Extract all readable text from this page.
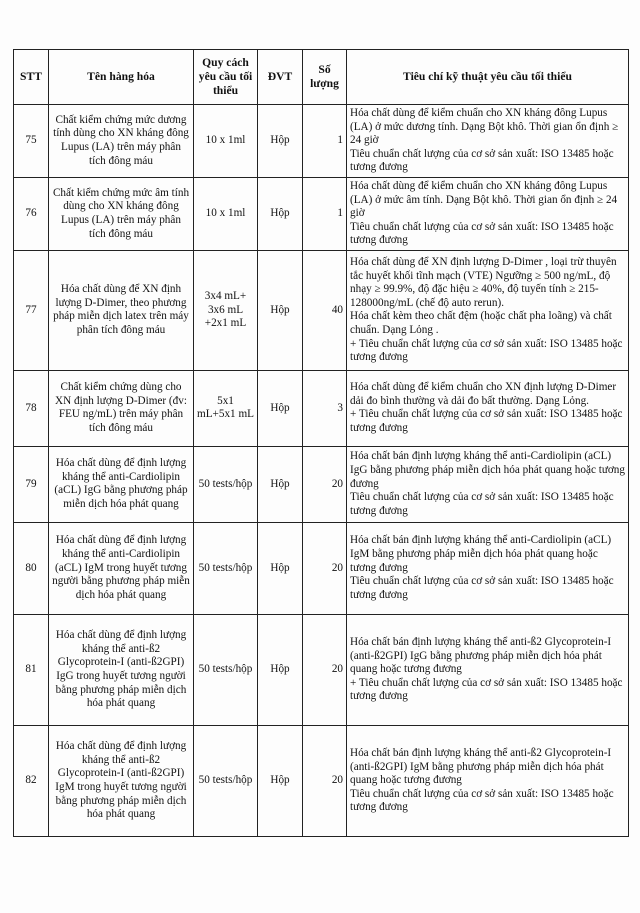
STT	Tên hàng hóa	Quy cách yêu cầu tối thiểu	ĐVT	Số lượng	Tiêu chí kỹ thuật yêu cầu tối thiểu
75	Chất kiểm chứng mức dương tính dùng cho XN kháng đông Lupus (LA) trên máy phân tích đông máu	10 x 1ml	Hộp	1	Hóa chất dùng để kiểm chuẩn cho XN kháng đông Lupus (LA) ở mức dương tính. Dạng Bột khô. Thời gian ổn định ≥ 24 giờ
Tiêu chuẩn chất lượng của cơ sở sản xuất: ISO 13485 hoặc tương đương

76	Chất kiểm chứng mức âm tính dùng cho XN kháng đông Lupus (LA) trên máy phân tích đông máu	10 x 1ml	Hộp	1	Hóa chất dùng để kiểm chuẩn cho XN kháng đông Lupus (LA) ở mức âm tính. Dạng Bột khô. Thời gian ổn định ≥ 24 giờ
Tiêu chuẩn chất lượng của cơ sở sản xuất: ISO 13485 hoặc tương đương

77	Hóa chất dùng để XN định lượng D-Dimer, theo phương pháp miễn dịch latex trên máy phân tích đông máu	3x4 mL+ 3x6 mL +2x1 mL	Hộp	40	Hóa chất dùng để XN định lượng D-Dimer , loại trừ thuyên tắc huyết khối tĩnh mạch (VTE) Ngưỡng ≥ 500 ng/mL, độ nhạy ≥ 99.9%, độ đặc hiệu ≥ 40%, độ tuyến tính ≥ 215-128000ng/mL (chế độ auto rerun).
Hóa chất kèm theo chất đệm (hoặc chất pha loãng) và chất chuẩn. Dạng Lỏng .
+ Tiêu chuẩn chất lượng của cơ sở sản xuất: ISO 13485 hoặc tương đương

78	Chất kiểm chứng dùng cho XN định lượng D-Dimer (đv: FEU ng/mL) trên máy phân tích đông máu	5x1 mL+5x1 mL	Hộp	3	Hóa chất dùng để kiểm chuẩn cho XN định lượng D-Dimer dải đo bình thường và dải đo bất thường. Dạng Lỏng.
+ Tiêu chuẩn chất lượng của cơ sở sản xuất: ISO 13485 hoặc tương đương

79	Hóa chất dùng để định lượng kháng thể anti-Cardiolipin (aCL) IgG bằng phương pháp miễn dịch hóa phát quang	50 tests/hộp	Hộp	20	Hóa chất bán định lượng kháng thể anti-Cardiolipin (aCL) IgG bằng phương pháp miễn dịch hóa phát quang hoặc tương đương
Tiêu chuẩn chất lượng của cơ sở sản xuất: ISO 13485 hoặc tương đương

80	Hóa chất dùng để định lượng kháng thể anti-Cardiolipin (aCL) IgM trong huyết tương người bằng phương pháp miễn dịch hóa phát quang	50 tests/hộp	Hộp	20	Hóa chất bán định lượng kháng thể anti-Cardiolipin (aCL) IgM bằng phương pháp miễn dịch hóa phát quang hoặc tương đương
Tiêu chuẩn chất lượng của cơ sở sản xuất: ISO 13485 hoặc tương đương

81	Hóa chất dùng để định lượng kháng thể anti-ß2 Glycoprotein-I (anti-ß2GPI) IgG trong huyết tương người bằng phương pháp miễn dịch hóa phát quang	50 tests/hộp	Hộp	20	Hóa chất bán định lượng kháng thể anti-ß2 Glycoprotein-I (anti-ß2GPI) IgG bằng phương pháp miễn dịch hóa phát quang hoặc tương đương
+ Tiêu chuẩn chất lượng của cơ sở sản xuất: ISO 13485 hoặc tương đương

82	Hóa chất dùng để định lượng kháng thể anti-ß2 Glycoprotein-I (anti-ß2GPI) IgM trong huyết tương người bằng phương pháp miễn dịch hóa phát quang	50 tests/hộp	Hộp	20	Hóa chất bán định lượng kháng thể anti-ß2 Glycoprotein-I (anti-ß2GPI) IgM bằng phương pháp miễn dịch hóa phát quang hoặc tương đương
Tiêu chuẩn chất lượng của cơ sở sản xuất: ISO 13485 hoặc tương đương
